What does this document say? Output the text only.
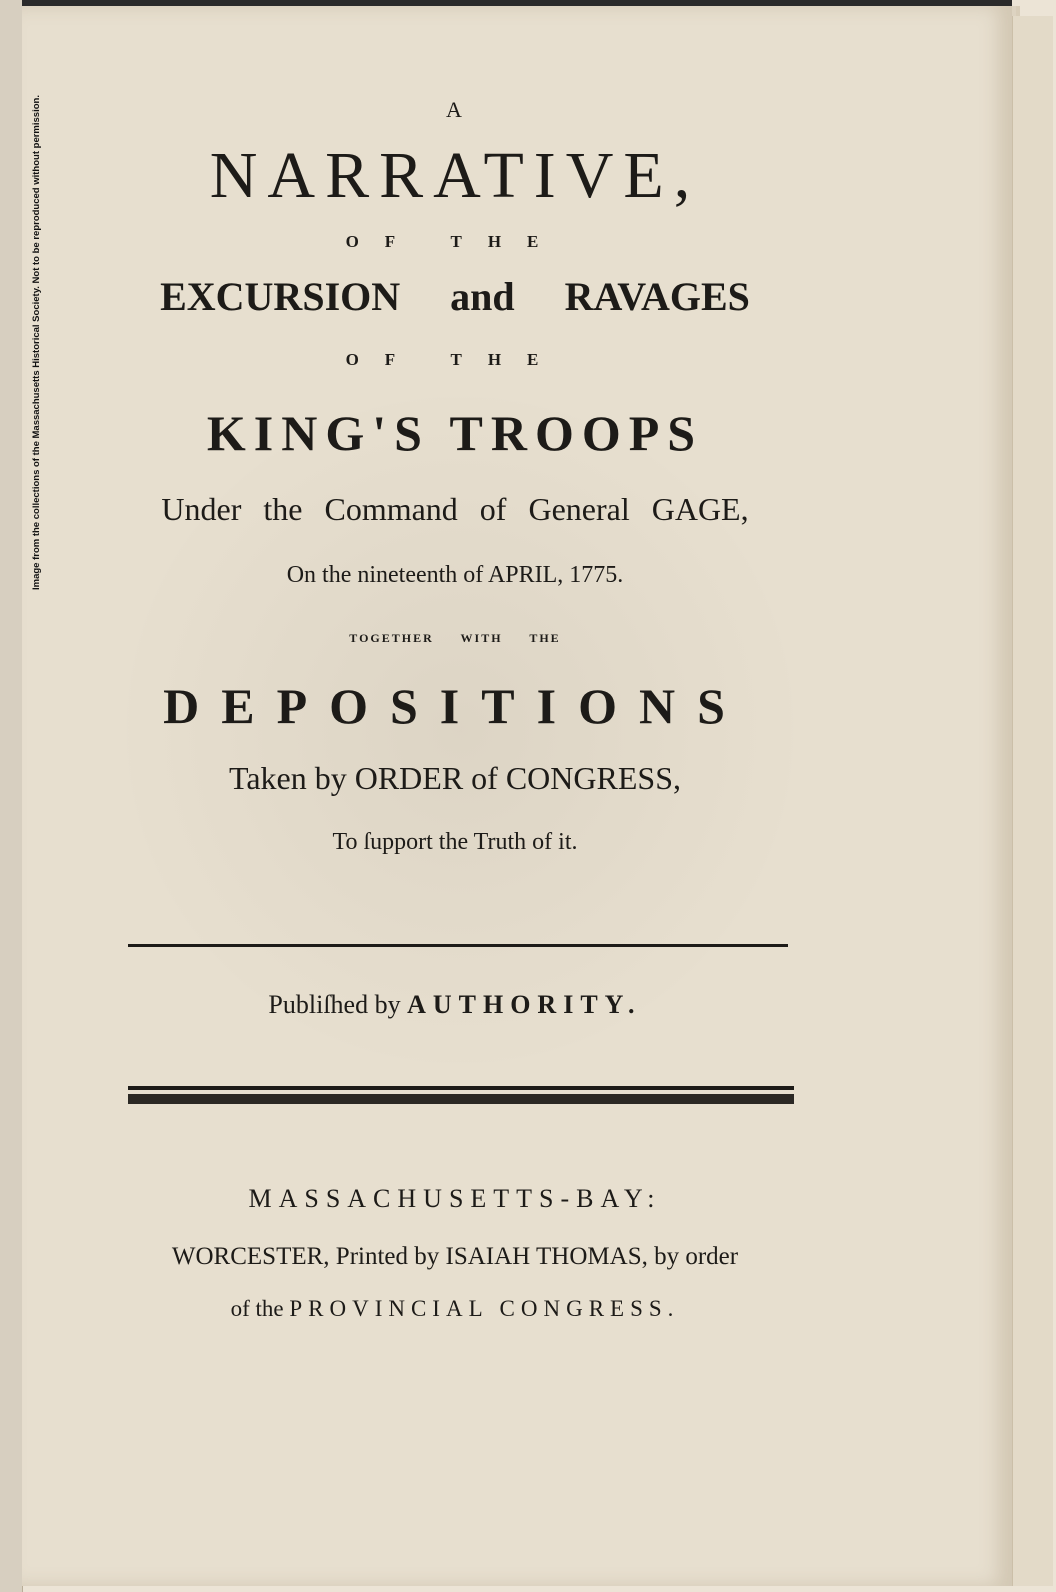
Image from the collections of the Massachusetts Historical Society. Not to be reproduced without permission.	A
NARRATIVE,
OF THE
EXCURSION and RAVAGES
OF THE
KING'S TROOPS
Under the Command of General GAGE,
On the nineteenth of APRIL, 1775.
TOGETHER WITH THE
DEPOSITIONS
Taken by ORDER of CONGRESS,
To ſupport the Truth of it.
Publiſhed by AUTHORITY.
MASSACHUSETTS-BAY:
WORCESTER, Printed by ISAIAH THOMAS, by order
of the PROVINCIAL CONGRESS.
